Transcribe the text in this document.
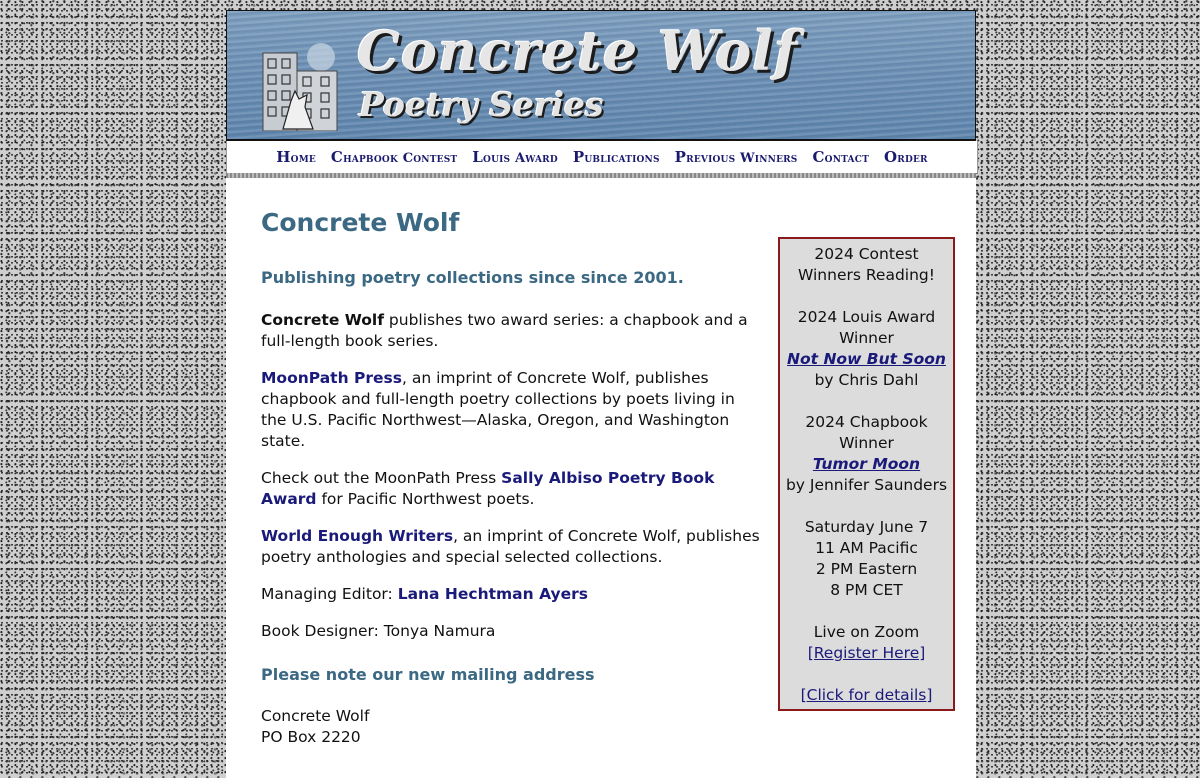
Concrete Wolf
Poetry Series
Home Chapbook Contest Louis Award Publications Previous Winners Contact Order
Concrete Wolf
Publishing poetry collections since since 2001.

Concrete Wolf publishes two award series: a chapbook and a full-length book series.

MoonPath Press, an imprint of Concrete Wolf, publishes chapbook and full-length poetry collections by poets living in the U.S. Pacific Northwest—Alaska, Oregon, and Washington state.

Check out the MoonPath Press Sally Albiso Poetry Book Award for Pacific Northwest poets.

World Enough Writers, an imprint of Concrete Wolf, publishes poetry anthologies and special selected collections.

Managing Editor: Lana Hechtman Ayers

Book Designer: Tonya Namura

Please note our new mailing address

Concrete Wolf

PO Box 2220

2024 Contest
Winners Reading!
2024 Louis Award
Winner
Not Now But Soon
by Chris Dahl
2024 Chapbook
Winner
Tumor Moon
by Jennifer Saunders
Saturday June 7
11 AM Pacific
2 PM Eastern
8 PM CET
Live on Zoom
[Register Here]
[Click for details]
